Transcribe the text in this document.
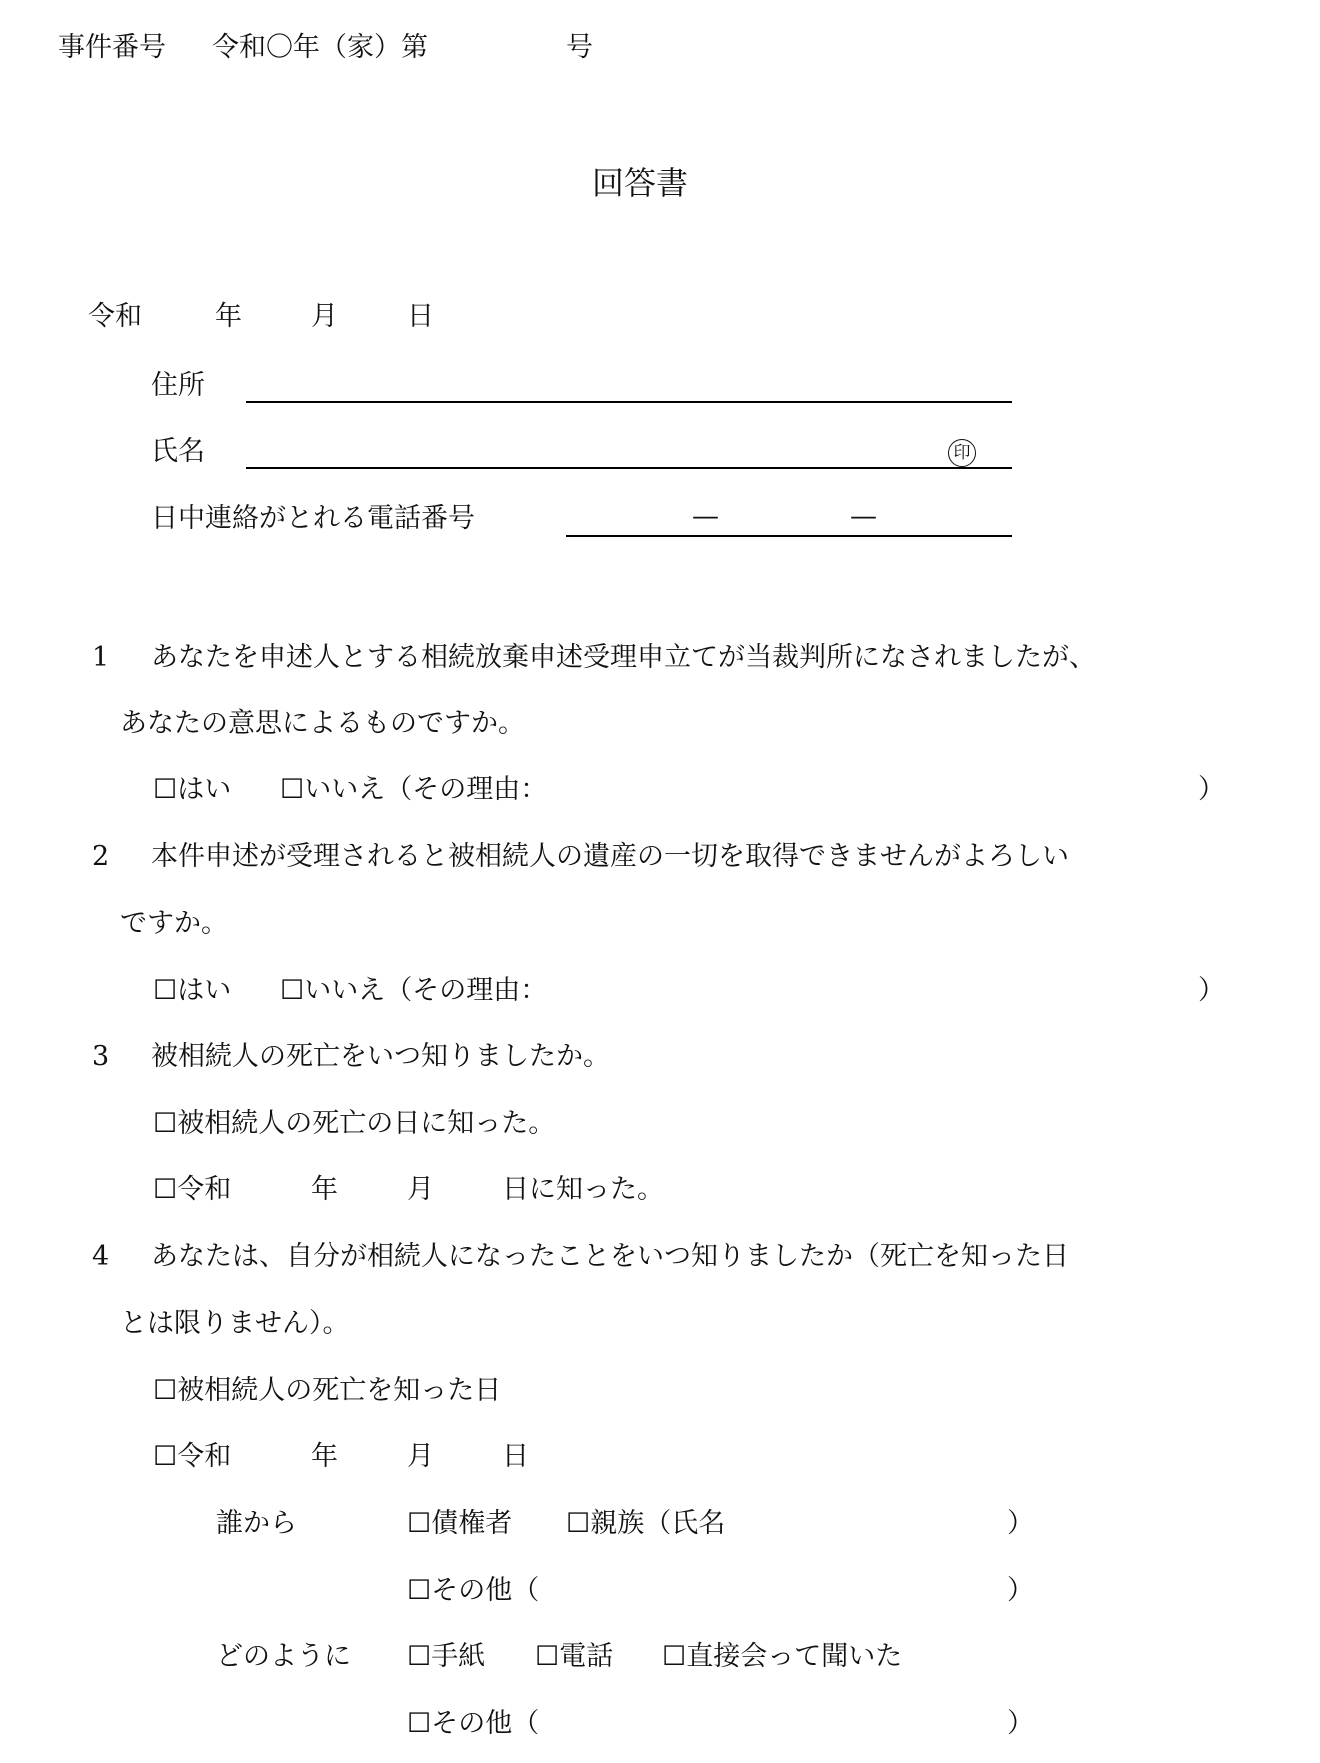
事件番号 令和〇年（家）第	号
回答書
令和	年	月	日
住所
氏名	印
日中連絡がとれる電話番号	—	—
1 あなたを申述人とする相続放棄申述受理申立てが当裁判所になされましたが、
あなたの意思によるものですか。
☐はい ☐いいえ（その理由：	）
2 本件申述が受理されると被相続人の遺産の一切を取得できませんがよろしい
ですか。
☐はい ☐いいえ（その理由：	）
3 被相続人の死亡をいつ知りましたか。
☐被相続人の死亡の日に知った。
☐令和	年	月	日に知った。
4 あなたは、自分が相続人になったことをいつ知りましたか（死亡を知った日
とは限りません）。
☐被相続人の死亡を知った日
☐令和	年	月	日
誰から	☐債権者 ☐親族（氏名	）
☐その他（	）
どのように ☐手紙 ☐電話 ☐直接会って聞いた
☐その他（	）
